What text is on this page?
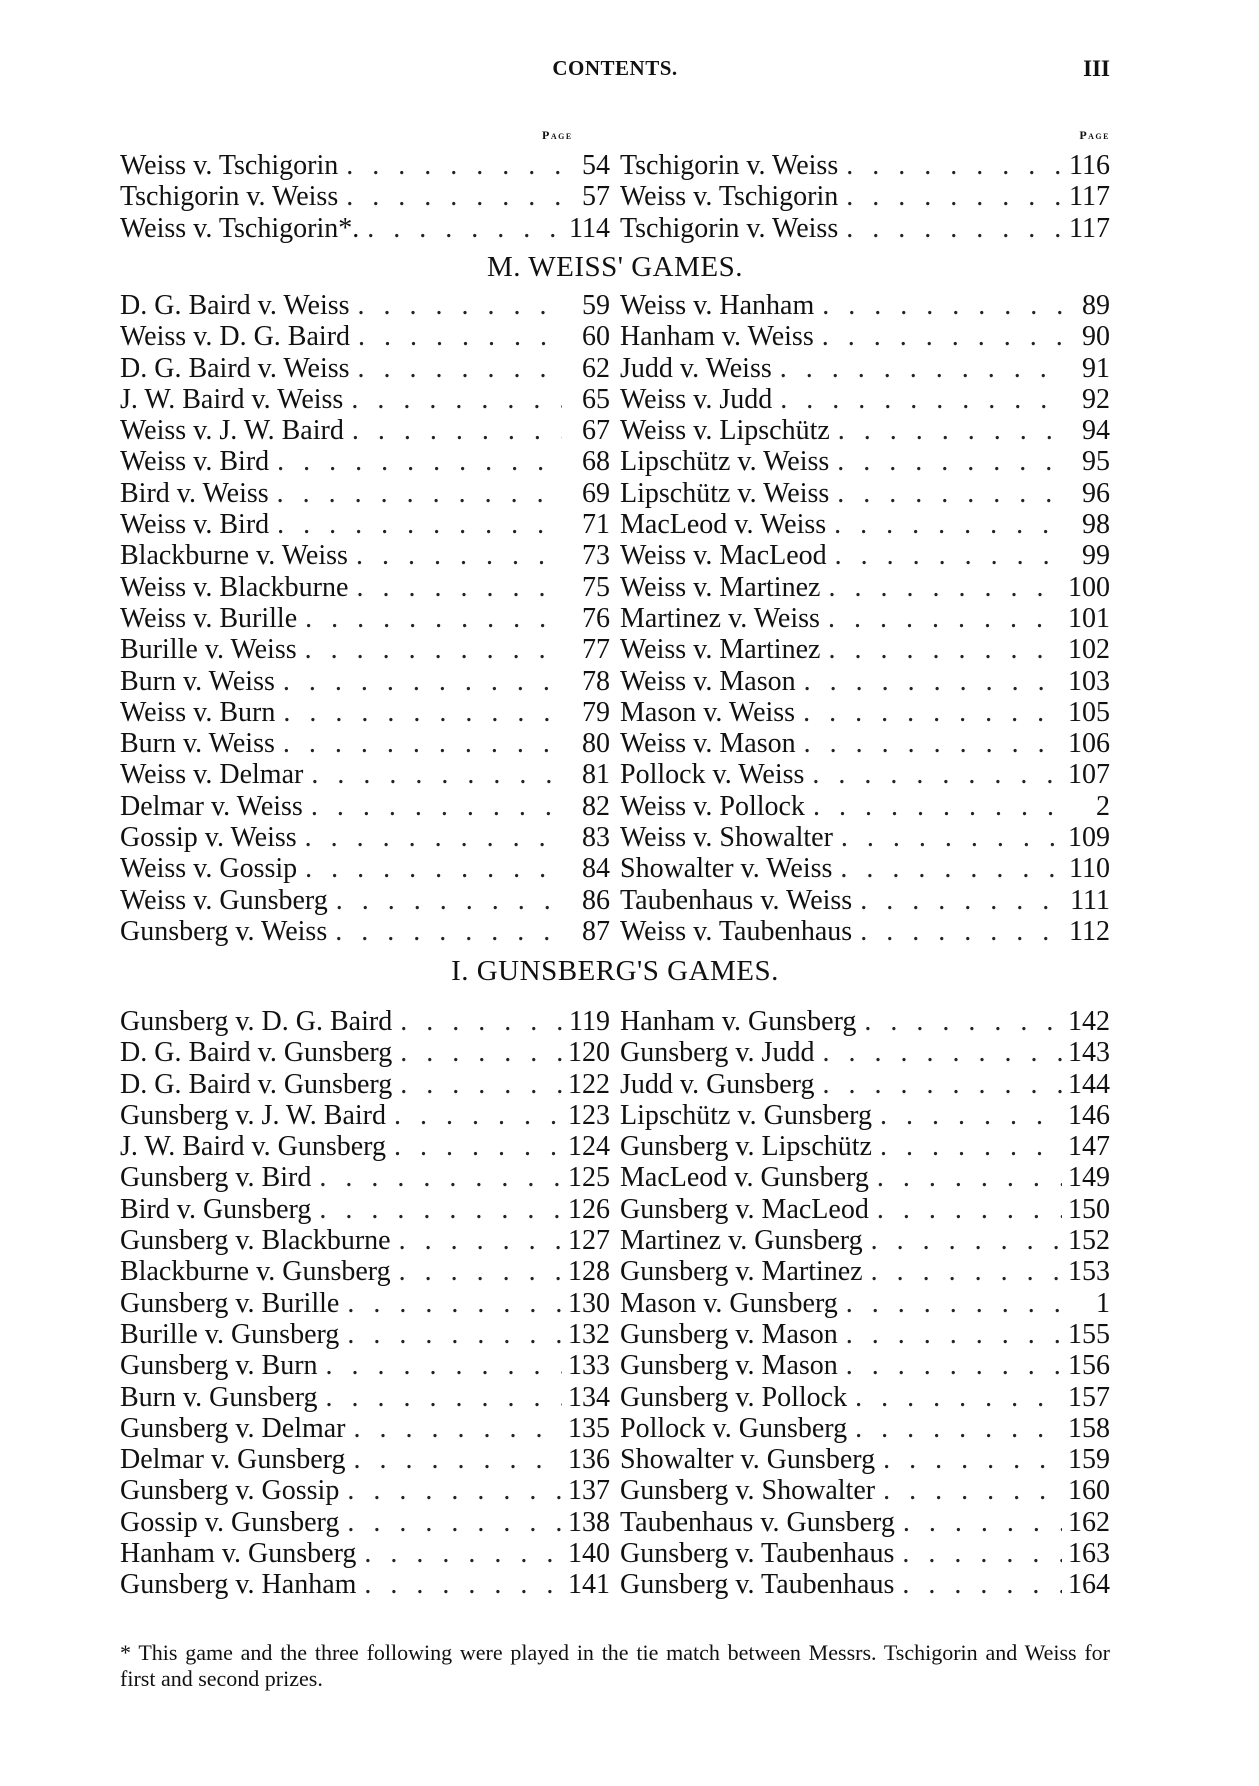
CONTENTS.	III
Page	Page
Weiss v. Tschigorin . . .	54
Tschigorin v. Weiss . . .	57
Weiss v. Tschigorin*. . . .	114
Tschigorin v. Weiss . . .	116
Weiss v. Tschigorin . . .	117
Tschigorin v. Weiss . . .	117
M. WEISS' GAMES.
D. G. Baird v. Weiss . . .	59
Weiss v. D. G. Baird . . .	60
D. G. Baird v. Weiss . . .	62
J. W. Baird v. Weiss . . .	65
Weiss v. J. W. Baird . . .	67
Weiss v. Bird . . .	68
Bird v. Weiss . . .	69
Weiss v. Bird . . .	71
Blackburne v. Weiss . . .	73
Weiss v. Blackburne . . .	75
Weiss v. Burille . . .	76
Burille v. Weiss . . .	77
Burn v. Weiss . . .	78
Weiss v. Burn . . .	79
Burn v. Weiss . . .	80
Weiss v. Delmar . . .	81
Delmar v. Weiss . . .	82
Gossip v. Weiss . . .	83
Weiss v. Gossip . . .	84
Weiss v. Gunsberg . . .	86
Gunsberg v. Weiss . . .	87
Weiss v. Hanham . . .	89
Hanham v. Weiss . . .	90
Judd v. Weiss . . .	91
Weiss v. Judd . . .	92
Weiss v. Lipschütz . . .	94
Lipschütz v. Weiss . . .	95
Lipschütz v. Weiss . . .	96
MacLeod v. Weiss . . .	98
Weiss v. MacLeod . . .	99
Weiss v. Martinez . . .	100
Martinez v. Weiss . . .	101
Weiss v. Martinez . . .	102
Weiss v. Mason . . .	103
Mason v. Weiss . . .	105
Weiss v. Mason . . .	106
Pollock v. Weiss . . .	107
Weiss v. Pollock . . .	2
Weiss v. Showalter . . .	109
Showalter v. Weiss . . .	110
Taubenhaus v. Weiss . . .	111
Weiss v. Taubenhaus . . .	112
I. GUNSBERG'S GAMES.
Gunsberg v. D. G. Baird . . .	119
D. G. Baird v. Gunsberg . . .	120
D. G. Baird v. Gunsberg . . .	122
Gunsberg v. J. W. Baird . . .	123
J. W. Baird v. Gunsberg . . .	124
Gunsberg v. Bird . . .	125
Bird v. Gunsberg . . .	126
Gunsberg v. Blackburne . . .	127
Blackburne v. Gunsberg . . .	128
Gunsberg v. Burille . . .	130
Burille v. Gunsberg . . .	132
Gunsberg v. Burn . . .	133
Burn v. Gunsberg . . .	134
Gunsberg v. Delmar . . .	135
Delmar v. Gunsberg . . .	136
Gunsberg v. Gossip . . .	137
Gossip v. Gunsberg . . .	138
Hanham v. Gunsberg . . .	140
Gunsberg v. Hanham . . .	141
Hanham v. Gunsberg . . .	142
Gunsberg v. Judd . . .	143
Judd v. Gunsberg . . .	144
Lipschütz v. Gunsberg . . .	146
Gunsberg v. Lipschütz . . .	147
MacLeod v. Gunsberg . . .	149
Gunsberg v. MacLeod . . .	150
Martinez v. Gunsberg . . .	152
Gunsberg v. Martinez . . .	153
Mason v. Gunsberg . . .	1
Gunsberg v. Mason . . .	155
Gunsberg v. Mason . . .	156
Gunsberg v. Pollock . . .	157
Pollock v. Gunsberg . . .	158
Showalter v. Gunsberg . . .	159
Gunsberg v. Showalter . . .	160
Taubenhaus v. Gunsberg . . .	162
Gunsberg v. Taubenhaus . . .	163
Gunsberg v. Taubenhaus . . .	164
* This game and the three following were played in the tie match between Messrs. Tschigorin and Weiss for first and second prizes.
